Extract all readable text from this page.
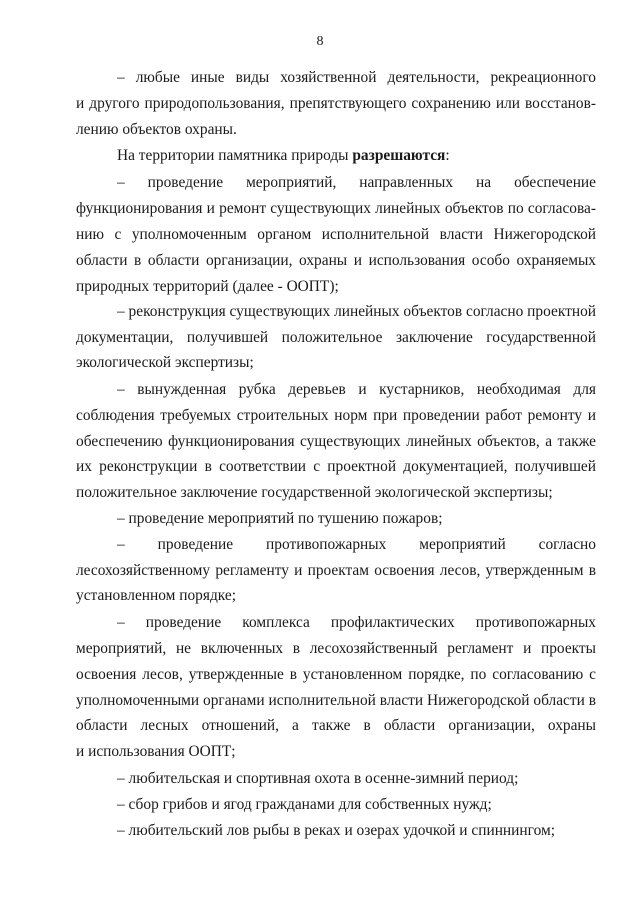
8
– любые иные виды хозяйственной деятельности, рекреационного
и другого природопользования, препятствующего сохранению или восстанов-
лению объектов охраны.
На территории памятника природы разрешаются:
– проведение мероприятий, направленных на обеспечение
функционирования и ремонт существующих линейных объектов по согласова-
нию с уполномоченным органом исполнительной власти Нижегородской
области в области организации, охраны и использования особо охраняемых
природных территорий (далее - ООПТ);
– реконструкция существующих линейных объектов согласно проектной
документации, получившей положительное заключение государственной
экологической экспертизы;
– вынужденная рубка деревьев и кустарников, необходимая для
соблюдения требуемых строительных норм при проведении работ ремонту и
обеспечению функционирования существующих линейных объектов, а также
их реконструкции в соответствии с проектной документацией, получившей
положительное заключение государственной экологической экспертизы;
– проведение мероприятий по тушению пожаров;
– проведение противопожарных мероприятий согласно
лесохозяйственному регламенту и проектам освоения лесов, утвержденным в
установленном порядке;
– проведение комплекса профилактических противопожарных
мероприятий, не включенных в лесохозяйственный регламент и проекты
освоения лесов, утвержденные в установленном порядке, по согласованию с
уполномоченными органами исполнительной власти Нижегородской области в
области лесных отношений, а также в области организации, охраны
и использования ООПТ;
– любительская и спортивная охота в осенне-зимний период;
– сбор грибов и ягод гражданами для собственных нужд;
– любительский лов рыбы в реках и озерах удочкой и спиннингом;
